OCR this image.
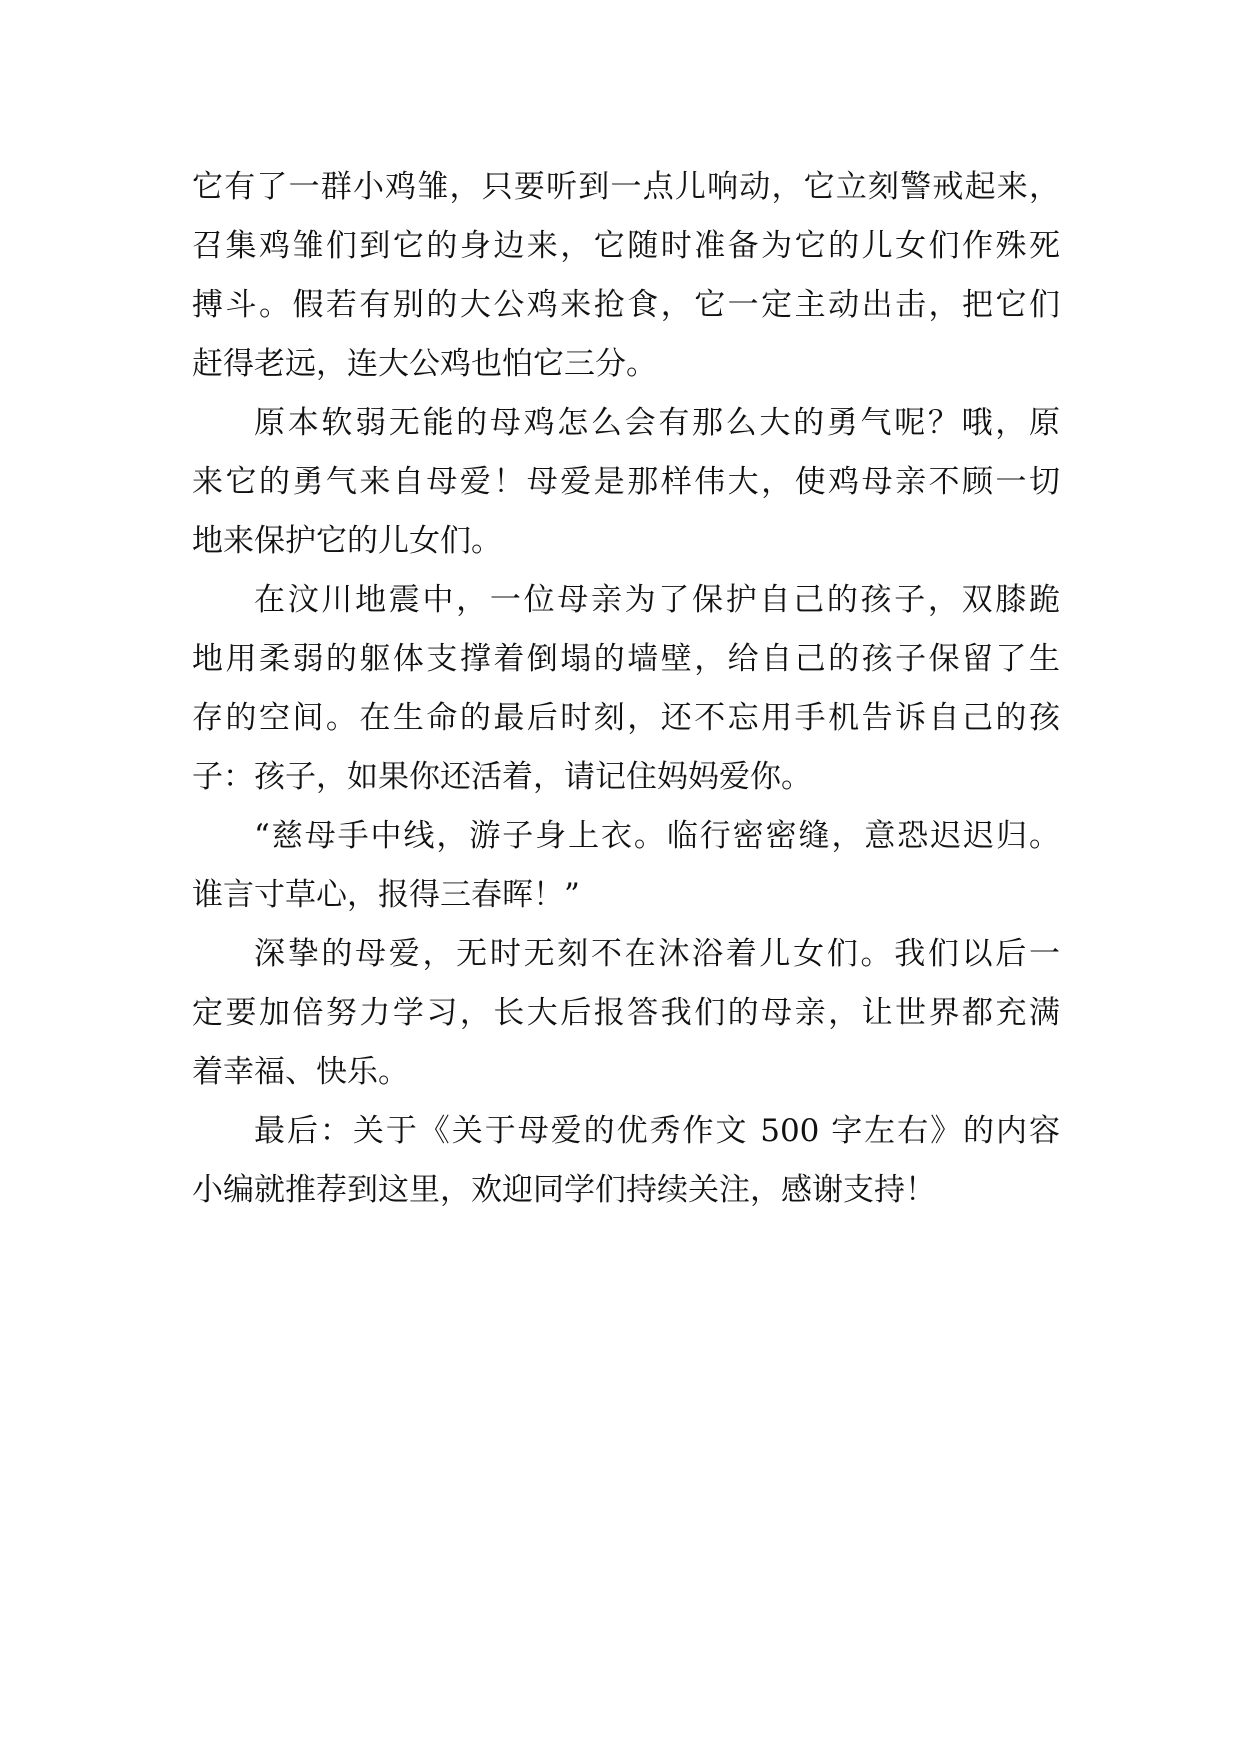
它有了一群小鸡雏，只要听到一点儿响动，它立刻警戒起来，
召集鸡雏们到它的身边来，它随时准备为它的儿女们作殊死
搏斗。假若有别的大公鸡来抢食，它一定主动出击，把它们
赶得老远，连大公鸡也怕它三分。
原本软弱无能的母鸡怎么会有那么大的勇气呢？哦，原
来它的勇气来自母爱！母爱是那样伟大，使鸡母亲不顾一切
地来保护它的儿女们。
在汶川地震中，一位母亲为了保护自己的孩子，双膝跪
地用柔弱的躯体支撑着倒塌的墙壁，给自己的孩子保留了生
存的空间。在生命的最后时刻，还不忘用手机告诉自己的孩
子：孩子，如果你还活着，请记住妈妈爱你。
“慈母手中线，游子身上衣。临行密密缝，意恐迟迟归。
谁言寸草心，报得三春晖！”
深挚的母爱，无时无刻不在沐浴着儿女们。我们以后一
定要加倍努力学习，长大后报答我们的母亲，让世界都充满
着幸福、快乐。
最后：关于《关于母爱的优秀作文 500 字左右》的内容
小编就推荐到这里，欢迎同学们持续关注，感谢支持！
